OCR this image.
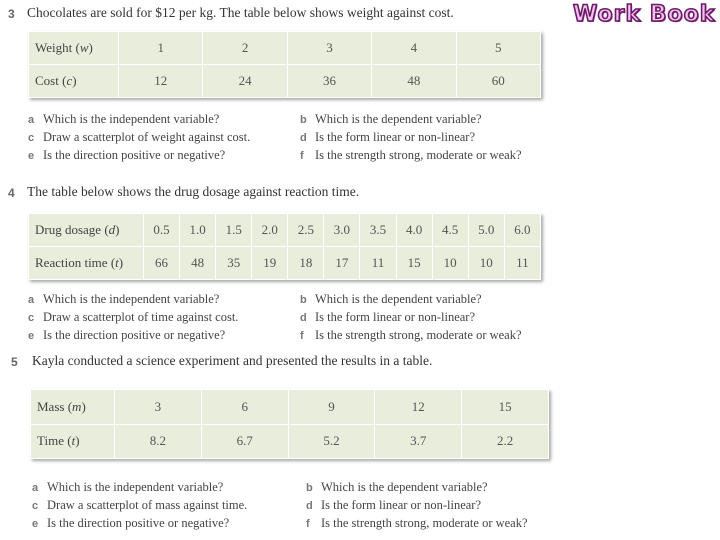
Work Book
3 Chocolates are sold for $12 per kg. The table below shows weight against cost.
Weight (w)	1	2	3	4	5
Cost (c)	12	24	36	48	60
a Which is the independent variable?	b Which is the dependent variable?
c Draw a scatterplot of weight against cost.	d Is the form linear or non-linear?
e Is the direction positive or negative?	f Is the strength strong, moderate or weak?
4 The table below shows the drug dosage against reaction time.
Drug dosage (d)	0.5	1.0	1.5	2.0	2.5	3.0	3.5	4.0	4.5	5.0	6.0
Reaction time (t)	66	48	35	19	18	17	11	15	10	10	11
a Which is the independent variable?	b Which is the dependent variable?
c Draw a scatterplot of time against cost.	d Is the form linear or non-linear?
e Is the direction positive or negative?	f Is the strength strong, moderate or weak?
5 Kayla conducted a science experiment and presented the results in a table.
Mass (m)	3	6	9	12	15
Time (t)	8.2	6.7	5.2	3.7	2.2
a Which is the independent variable?	b Which is the dependent variable?
c Draw a scatterplot of mass against time.	d Is the form linear or non-linear?
e Is the direction positive or negative?	f Is the strength strong, moderate or weak?
